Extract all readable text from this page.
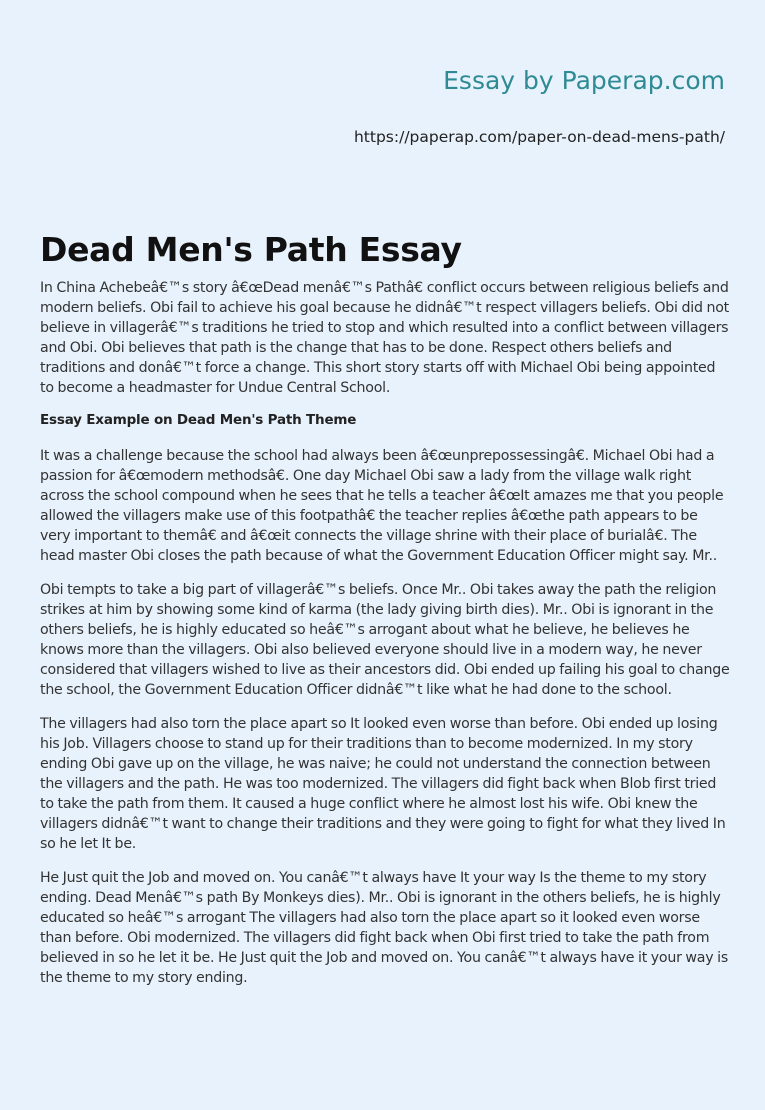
Essay by Paperap.com
https://paperap.com/paper-on-dead-mens-path/
Dead Men's Path Essay

In China Achebeâ€™s story â€œDead menâ€™s Pathâ€ conflict occurs between religious beliefs and modern beliefs. Obi fail to achieve his goal because he didnâ€™t respect villagers beliefs. Obi did not believe in villagerâ€™s traditions he tried to stop and which resulted into a conflict between villagers and Obi. Obi believes that path is the change that has to be done. Respect others beliefs and traditions and donâ€™t force a change. This short story starts off with Michael Obi being appointed to become a headmaster for Undue Central School.

Essay Example on Dead Men's Path Theme

It was a challenge because the school had always been â€œunprepossessingâ€. Michael Obi had a passion for â€œmodern methodsâ€. One day Michael Obi saw a lady from the village walk right across the school compound when he sees that he tells a teacher â€œIt amazes me that you people allowed the villagers make use of this footpathâ€ the teacher replies â€œthe path appears to be very important to themâ€ and â€œit connects the village shrine with their place of burialâ€. The head master Obi closes the path because of what the Government Education Officer might say. Mr..

Obi tempts to take a big part of villagerâ€™s beliefs. Once Mr.. Obi takes away the path the religion strikes at him by showing some kind of karma (the lady giving birth dies). Mr.. Obi is ignorant in the others beliefs, he is highly educated so heâ€™s arrogant about what he believe, he believes he knows more than the villagers. Obi also believed everyone should live in a modern way, he never considered that villagers wished to live as their ancestors did. Obi ended up failing his goal to change the school, the Government Education Officer didnâ€™t like what he had done to the school.

The villagers had also torn the place apart so It looked even worse than before. Obi ended up losing his Job. Villagers choose to stand up for their traditions than to become modernized. In my story ending Obi gave up on the village, he was naive; he could not understand the connection between the villagers and the path. He was too modernized. The villagers did fight back when Blob first tried to take the path from them. It caused a huge conflict where he almost lost his wife. Obi knew the villagers didnâ€™t want to change their traditions and they were going to fight for what they lived In so he let It be.

He Just quit the Job and moved on. You canâ€™t always have It your way Is the theme to my story ending. Dead Menâ€™s path By Monkeys dies). Mr.. Obi is ignorant in the others beliefs, he is highly educated so heâ€™s arrogant The villagers had also torn the place apart so it looked even worse than before. Obi modernized. The villagers did fight back when Obi first tried to take the path from believed in so he let it be. He Just quit the Job and moved on. You canâ€™t always have it your way is the theme to my story ending.
